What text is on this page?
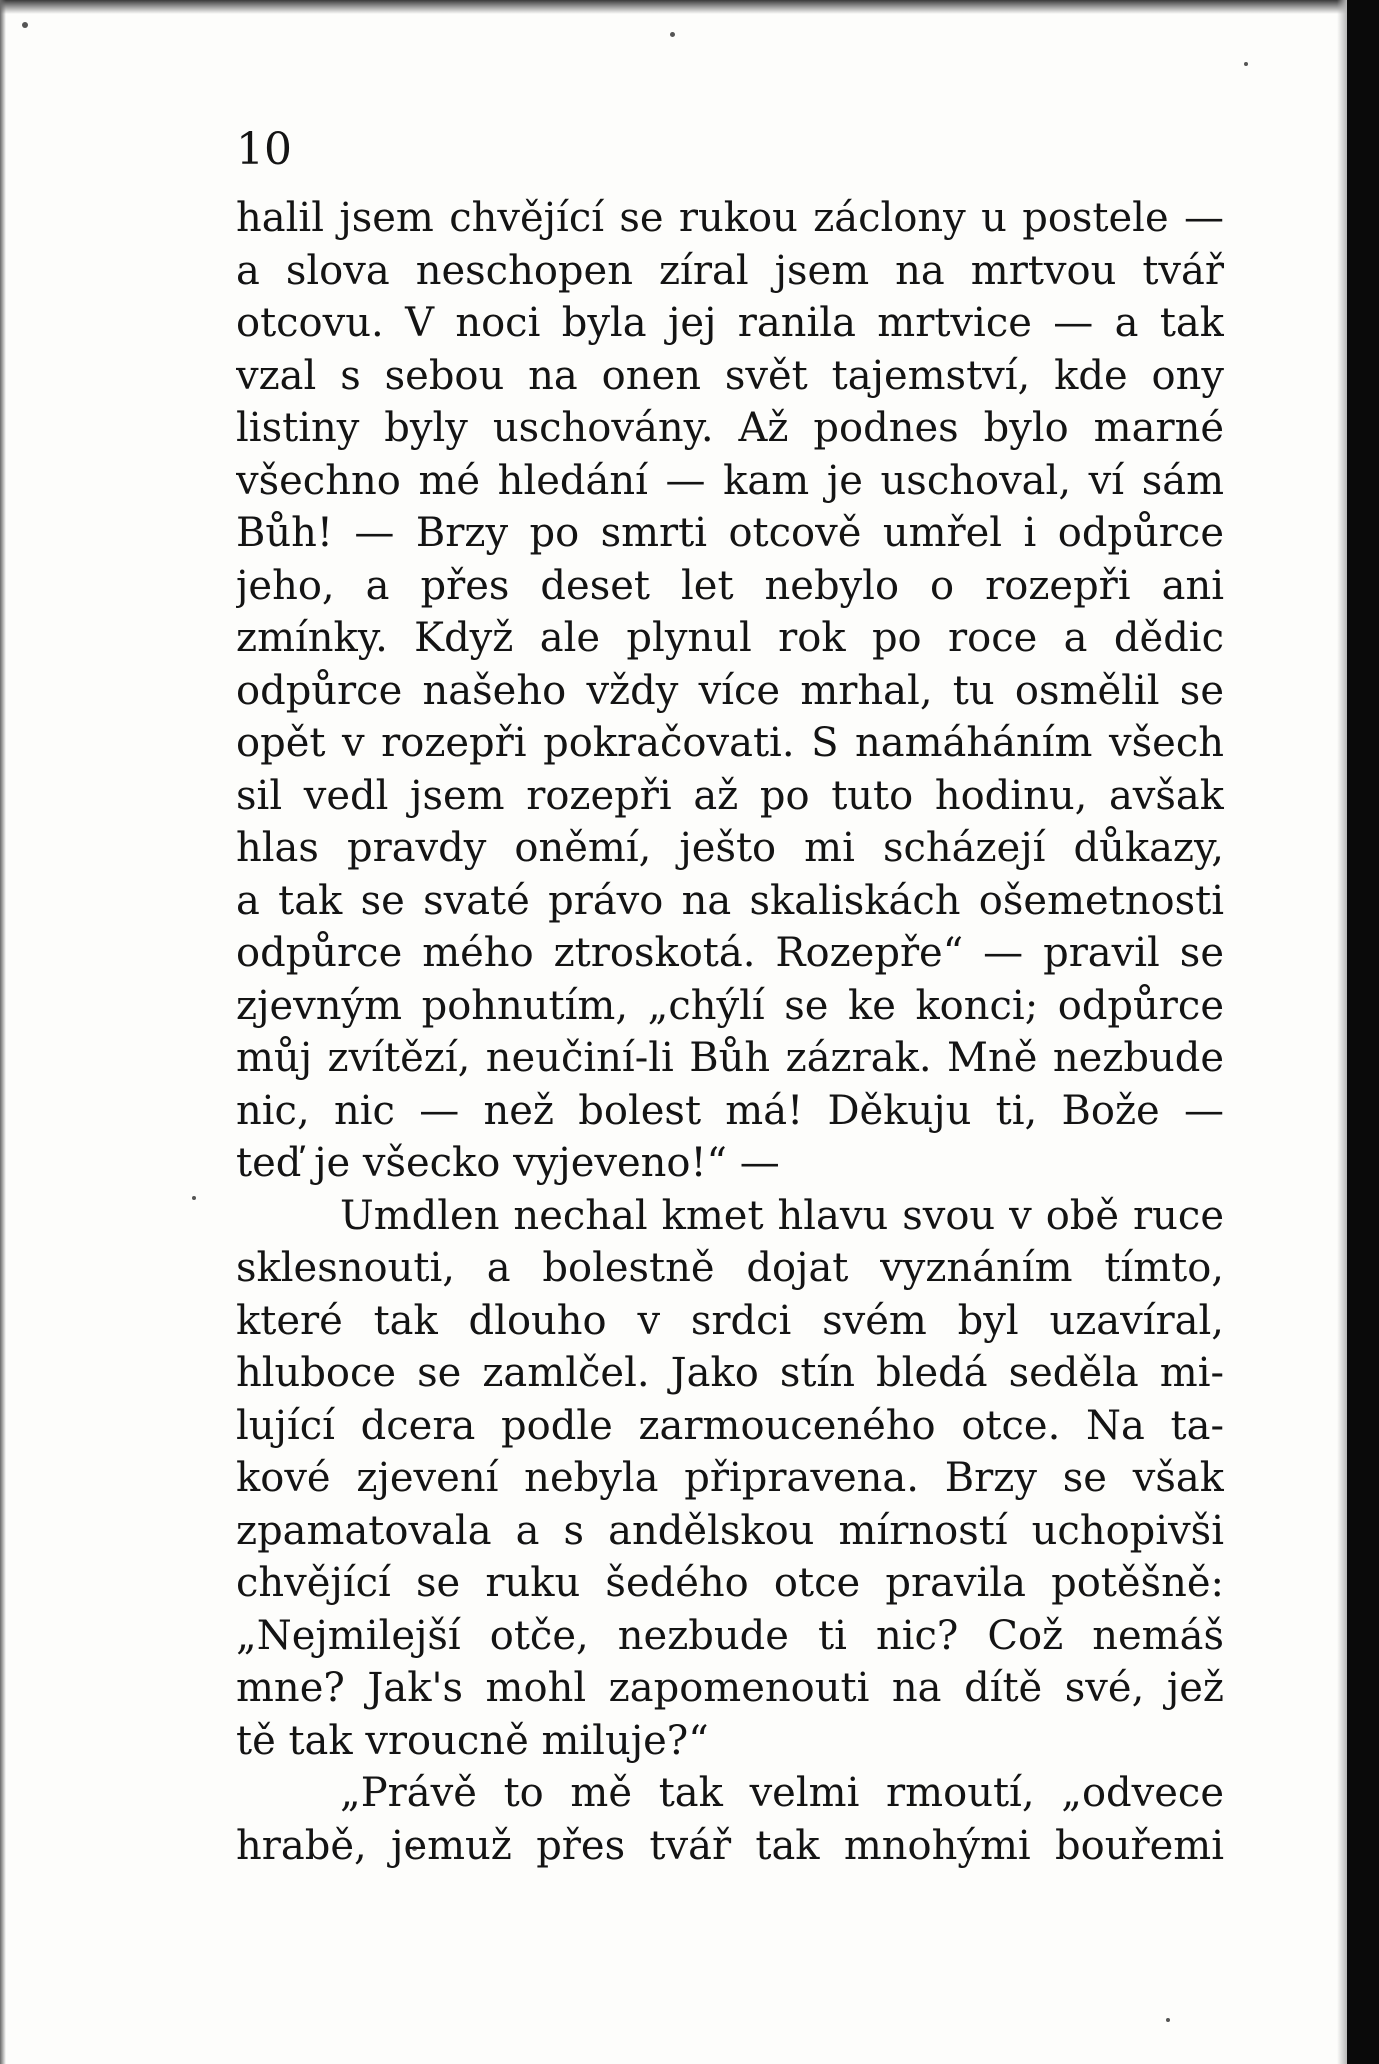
10
halil jsem chvějící se rukou záclony u postele —
a slova neschopen zíral jsem na mrtvou tvář
otcovu. V noci byla jej ranila mrtvice — a tak
vzal s sebou na onen svět tajemství, kde ony
listiny byly uschovány. Až podnes bylo marné
všechno mé hledání — kam je uschoval, ví sám
Bůh! — Brzy po smrti otcově umřel i odpůrce
jeho, a přes deset let nebylo o rozepři ani
zmínky. Když ale plynul rok po roce a dědic
odpůrce našeho vždy více mrhal, tu osmělil se
opět v rozepři pokračovati. S namáháním všech
sil vedl jsem rozepři až po tuto hodinu, avšak
hlas pravdy oněmí, ješto mi scházejí důkazy,
a tak se svaté právo na skaliskách ošemetnosti
odpůrce mého ztroskotá. Rozepře“ — pravil se
zjevným pohnutím, „chýlí se ke konci; odpůrce
můj zvítězí, neučiní-li Bůh zázrak. Mně nezbude
nic, nic — než bolest má! Děkuju ti, Bože —
teď je všecko vyjeveno!“ —
Umdlen nechal kmet hlavu svou v obě ruce
sklesnouti, a bolestně dojat vyznáním tímto,
které tak dlouho v srdci svém byl uzavíral,
hluboce se zamlčel. Jako stín bledá seděla mi-
lující dcera podle zarmouceného otce. Na ta-
kové zjevení nebyla připravena. Brzy se však
zpamatovala a s andělskou mírností uchopivši
chvějící se ruku šedého otce pravila potěšně:
„Nejmilejší otče, nezbude ti nic? Což nemáš
mne? Jak's mohl zapomenouti na dítě své, jež
tě tak vroucně miluje?“
„Právě to mě tak velmi rmoutí, „odvece
hrabě, jemuž přes tvář tak mnohými bouřemi
